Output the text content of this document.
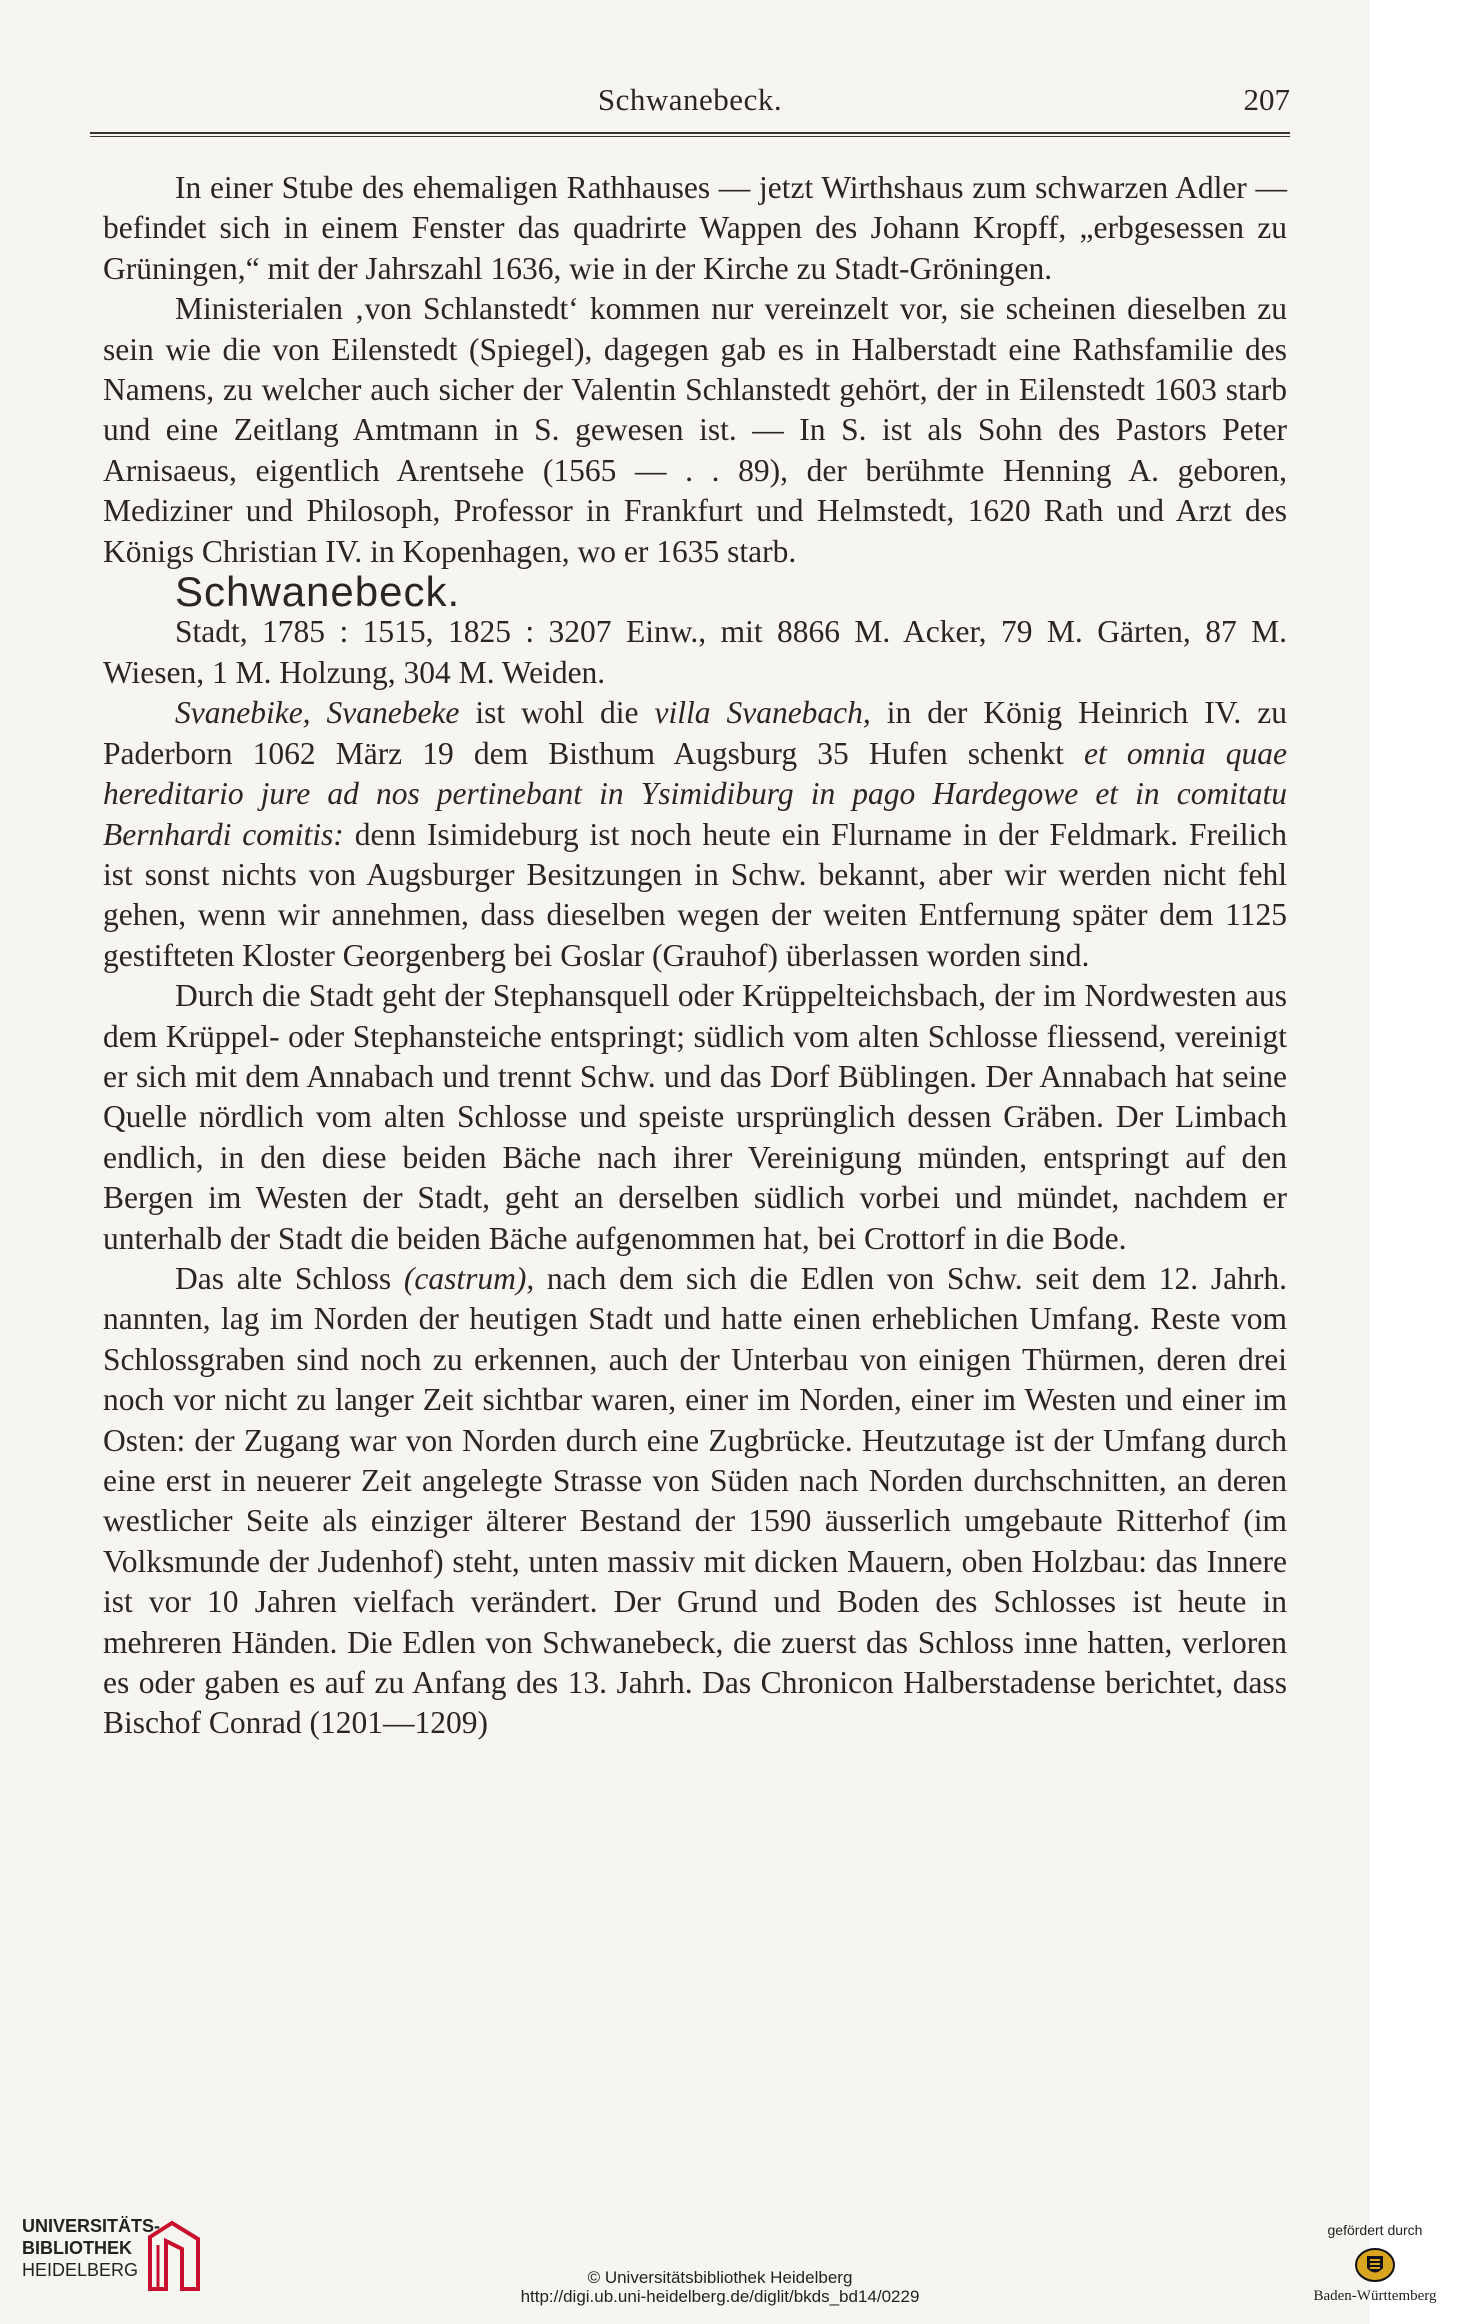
Schwanebeck.	207

In einer Stube des ehemaligen Rathhauses — jetzt Wirthshaus zum schwarzen Adler — befindet sich in einem Fenster das quadrirte Wappen des Johann Kropff, „erbgesessen zu Grüningen,“ mit der Jahrszahl 1636, wie in der Kirche zu Stadt-Gröningen.

Ministerialen ‚von Schlanstedt‘ kommen nur vereinzelt vor, sie scheinen dieselben zu sein wie die von Eilenstedt (Spiegel), dagegen gab es in Halberstadt eine Rathsfamilie des Namens, zu welcher auch sicher der Valentin Schlanstedt gehört, der in Eilenstedt 1603 starb und eine Zeitlang Amtmann in S. gewesen ist. — In S. ist als Sohn des Pastors Peter Arnisaeus, eigentlich Arentsehe (1565 — . . 89), der berühmte Henning A. geboren, Mediziner und Philosoph, Professor in Frankfurt und Helmstedt, 1620 Rath und Arzt des Königs Christian IV. in Kopenhagen, wo er 1635 starb.

Schwanebeck.

Stadt, 1785 : 1515, 1825 : 3207 Einw., mit 8866 M. Acker, 79 M. Gärten, 87 M. Wiesen, 1 M. Holzung, 304 M. Weiden.

Svanebike, Svanebeke ist wohl die villa Svanebach, in der König Heinrich IV. zu Paderborn 1062 März 19 dem Bisthum Augsburg 35 Hufen schenkt et omnia quae hereditario jure ad nos pertinebant in Ysimidiburg in pago Hardegowe et in comitatu Bernhardi comitis: denn Isimideburg ist noch heute ein Flurname in der Feldmark. Freilich ist sonst nichts von Augsburger Besitzungen in Schw. bekannt, aber wir werden nicht fehl gehen, wenn wir annehmen, dass dieselben wegen der weiten Entfernung später dem 1125 gestifteten Kloster Georgenberg bei Goslar (Grauhof) überlassen worden sind.

Durch die Stadt geht der Stephansquell oder Krüppelteichsbach, der im Nordwesten aus dem Krüppel- oder Stephansteiche entspringt; südlich vom alten Schlosse fliessend, vereinigt er sich mit dem Annabach und trennt Schw. und das Dorf Büblingen. Der Annabach hat seine Quelle nördlich vom alten Schlosse und speiste ursprünglich dessen Gräben. Der Limbach endlich, in den diese beiden Bäche nach ihrer Vereinigung münden, entspringt auf den Bergen im Westen der Stadt, geht an derselben südlich vorbei und mündet, nachdem er unterhalb der Stadt die beiden Bäche aufgenommen hat, bei Crottorf in die Bode.

Das alte Schloss (castrum), nach dem sich die Edlen von Schw. seit dem 12. Jahrh. nannten, lag im Norden der heutigen Stadt und hatte einen erheblichen Umfang. Reste vom Schlossgraben sind noch zu erkennen, auch der Unterbau von einigen Thürmen, deren drei noch vor nicht zu langer Zeit sichtbar waren, einer im Norden, einer im Westen und einer im Osten: der Zugang war von Norden durch eine Zugbrücke. Heutzutage ist der Umfang durch eine erst in neuerer Zeit angelegte Strasse von Süden nach Norden durchschnitten, an deren westlicher Seite als einziger älterer Bestand der 1590 äusserlich umgebaute Ritterhof (im Volksmunde der Judenhof) steht, unten massiv mit dicken Mauern, oben Holzbau: das Innere ist vor 10 Jahren vielfach verändert. Der Grund und Boden des Schlosses ist heute in mehreren Händen. Die Edlen von Schwanebeck, die zuerst das Schloss inne hatten, verloren es oder gaben es auf zu Anfang des 13. Jahrh. Das Chronicon Halberstadense berichtet, dass Bischof Conrad (1201—1209)

UNIVERSITÄTS-
BIBLIOTHEK
HEIDELBERG	© Universitätsbibliothek Heidelberg
http://digi.ub.uni-heidelberg.de/diglit/bkds_bd14/0229
gefördert durch
Baden-Württemberg
